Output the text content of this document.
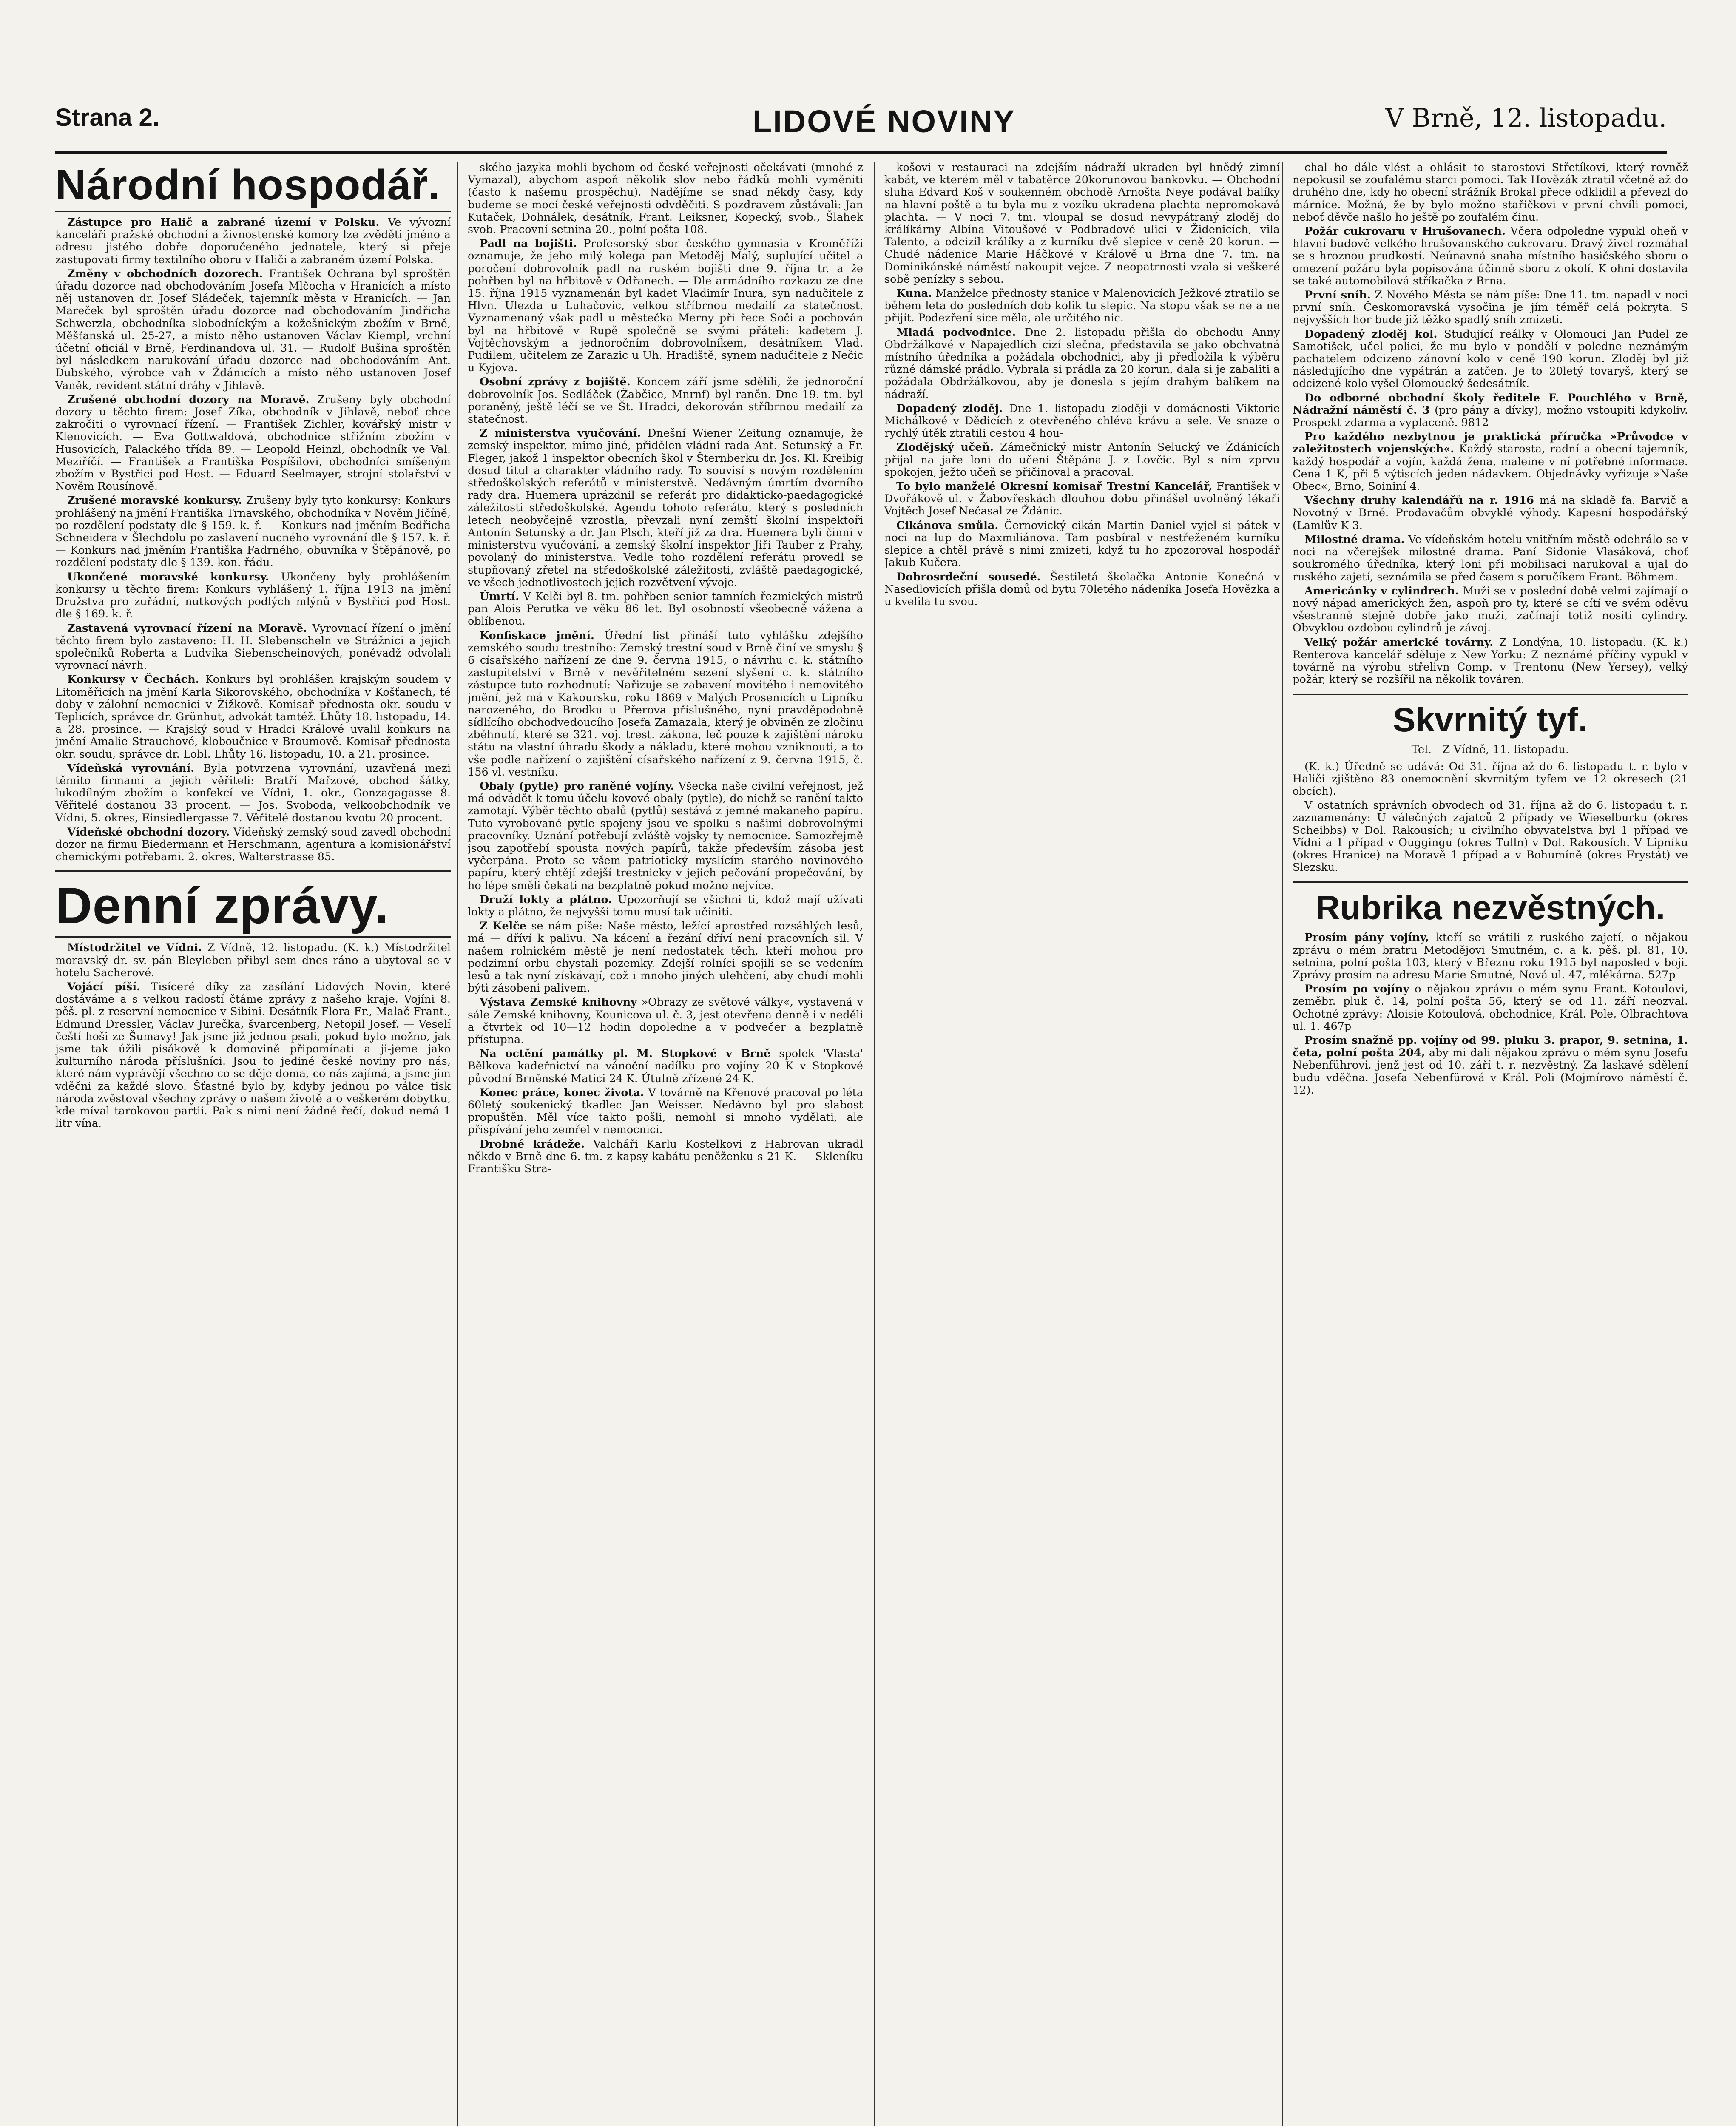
Strana 2.	LIDOVÉ NOVINY	V Brně, 12. listopadu.
Národní hospodář.

Zástupce pro Halič a zabrané území v Polsku. Ve vývozní kanceláři pražské obchodní a živnostenské komory lze zvěděti jméno a adresu jistého dobře doporučeného jednatele, který si přeje zastupovati firmy textilního oboru v Haliči a zabraném území Polska.

Změny v obchodních dozorech. František Ochrana byl sproštěn úřadu dozorce nad obchodováním Josefa Mlčocha v Hranicích a místo něj ustanoven dr. Josef Sládeček, tajemník města v Hranicích. — Jan Mareček byl sproštěn úřadu dozorce nad obchodováním Jindřicha Schwerzla, obchodníka slobodníckým a kožešnickým zbožím v Brně, Měšťanská ul. 25-27, a místo něho ustanoven Václav Kiempl, vrchní účetní oficiál v Brně, Ferdinandova ul. 31. — Rudolf Bušina sproštěn byl následkem narukování úřadu dozorce nad obchodováním Ant. Dubského, výrobce vah v Ždánicích a místo něho ustanoven Josef Vaněk, revident státní dráhy v Jihlavě.

Zrušené obchodní dozory na Moravě. Zrušeny byly obchodní dozory u těchto firem: Josef Zíka, obchodník v Jihlavě, neboť chce zakročiti o vyrovnací řízení. — František Zichler, kovářský mistr v Klenovicích. — Eva Gottwaldová, obchodnice střižním zbožím v Husovicích, Palackého třída 89. — Leopold Heinzl, obchodník ve Val. Meziříčí. — František a Františka Pospíšilovi, obchodníci smíšeným zbožím v Bystřici pod Host. — Eduard Seelmayer, strojní stolařství v Nověm Rousínově.

Zrušené moravské konkursy. Zrušeny byly tyto konkursy: Konkurs prohlášený na jmění Františka Trnavského, obchodníka v Nověm Jičíně, po rozdělení podstaty dle § 159. k. ř. — Konkurs nad jměním Bedřicha Schneidera v Šlechdolu po zaslavení nucného vyrovnání dle § 157. k. ř. — Konkurs nad jměním Františka Fadrného, obuvníka v Štěpánově, po rozdělení podstaty dle § 139. kon. řádu.

Ukončené moravské konkursy. Ukončeny byly prohlášením konkursy u těchto firem: Konkurs vyhlášený 1. října 1913 na jmění Družstva pro zuřádní, nutkových podlých mlýnů v Bystřici pod Host. dle § 169. k. ř.

Zastavená vyrovnací řízení na Moravě. Vyrovnací řízení o jmění těchto firem bylo zastaveno: H. H. Slebenscheln ve Strážnici a jejich společníků Roberta a Ludvíka Siebenscheinových, poněvadž odvolali vyrovnací návrh.

Konkursy v Čechách. Konkurs byl prohlášen krajským soudem v Litoměřicích na jmění Karla Sikorovského, obchodníka v Košťanech, té doby v zálohní nemocnici v Žižkově. Komisař přednosta okr. soudu v Teplicích, správce dr. Grünhut, advokát tamtéž. Lhůty 18. listopadu, 14. a 28. prosince. — Krajský soud v Hradci Králové uvalil konkurs na jmění Amalie Strauchové, kloboučnice v Broumově. Komisař přednosta okr. soudu, správce dr. Lobl. Lhůty 16. listopadu, 10. a 21. prosince.

Vídeňská vyrovnání. Byla potvrzena vyrovnání, uzavřená mezi těmito firmami a jejich věřiteli: Bratří Mařzové, obchod šátky, lukodílným zbožím a konfekcí ve Vídni, 1. okr., Gonzagagasse 8. Věřitelé dostanou 33 procent. — Jos. Svoboda, velkoobchodník ve Vídni, 5. okres, Einsiedlergasse 7. Věřitelé dostanou kvotu 20 procent.

Vídeňské obchodní dozory. Vídeňský zemský soud zavedl obchodní dozor na firmu Biedermann et Herschmann, agentura a komisionářství chemickými potřebami. 2. okres, Walterstrasse 85.

Denní zprávy.

Místodržitel ve Vídni. Z Vídně, 12. listopadu. (K. k.) Místodržitel moravský dr. sv. pán Bleyleben přibyl sem dnes ráno a ubytoval se v hotelu Sacherové.

Vojácí píší. Tisíceré díky za zasílání Lidových Novin, které dostáváme a s velkou radostí čtáme zprávy z našeho kraje. Vojíni 8. pěš. pl. z reservní nemocnice v Sibini. Desátník Flora Fr., Malač Frant., Edmund Dressler, Václav Jurečka, švarcenberg, Netopil Josef. — Veselí čeští hoši ze Šumavy! Jak jsme již jednou psali, pokud bylo možno, jak jsme tak úžili pisákově k domovině připomínati a ji-jeme jako kulturního národa příslušníci. Jsou to jediné české noviny pro nás, které nám vyprávějí všechno co se děje doma, co nás zajímá, a jsme jim vděčni za každé slovo. Šťastné bylo by, kdyby jednou po válce tisk národa zvěstoval všechny zprávy o našem životě a o veškerém dobytku, kde míval tarokovou partii. Pak s nimi není žádné řečí, dokud nemá 1 litr vína.

ského jazyka mohli bychom od české veřejnosti očekávati (mnohé z Vymazal), abychom aspoň několik slov nebo řádků mohli vyměniti (často k našemu prospěchu). Nadějíme se snad někdy časy, kdy budeme se mocí české veřejnosti odvděčiti. S pozdravem zůstávali: Jan Kutaček, Dohnálek, desátník, Frant. Leiksner, Kopecký, svob., Šlahek svob. Pracovní setnina 20., polní pošta 108.

Padl na bojišti. Profesorský sbor českého gymnasia v Kroměříži oznamuje, že jeho milý kolega pan Metoděj Malý, suplující učitel a poročení dobrovolník padl na ruském bojišti dne 9. října tr. a že pohřben byl na hřbitově v Odřanech. — Dle armádního rozkazu ze dne 15. října 1915 vyznamenán byl kadet Vladimír Inura, syn nadučitele z Hlvn. Ulezda u Luhačovic, velkou stříbrnou medailí za statečnost. Vyznamenaný však padl u městečka Merny při řece Soči a pochován byl na hřbitově v Rupě společně se svými přáteli: kadetem J. Vojtěchovským a jednoročním dobrovolníkem, desátníkem Vlad. Pudilem, učitelem ze Zarazic u Uh. Hradiště, synem nadučitele z Nečic u Kyjova.

Osobní zprávy z bojiště. Koncem září jsme sdělili, že jednoroční dobrovolník Jos. Sedláček (Žabčice, Mnrnf) byl raněn. Dne 19. tm. byl poraněný, ještě léčí se ve Št. Hradci, dekorován stříbrnou medailí za statečnost.

Z ministerstva vyučování. Dnešní Wiener Zeitung oznamuje, že zemský inspektor, mimo jiné, přidělen vládní rada Ant. Setunský a Fr. Fleger, jakož 1 inspektor obecních škol v Šternberku dr. Jos. Kl. Kreibig dosud titul a charakter vládního rady. To souvisí s novým rozdělením středoškolských referátů v ministerstvě. Nedávným úmrtím dvorního rady dra. Huemera uprázdnil se referát pro didakticko-paedagogické záležitosti středoškolské. Agendu tohoto referátu, který s posledních letech neobyčejně vzrostla, převzali nyní zemští školní inspektoři Antonín Setunský a dr. Jan Plsch, kteří již za dra. Huemera byli činni v ministerstvu vyučování, a zemský školní inspektor Jiří Tauber z Prahy, povolaný do ministerstva. Vedle toho rozdělení referátu provedl se stupňovaný zřetel na středoškolské záležitosti, zvláště paedagogické, ve všech jednotlivostech jejich rozvětvení vývoje.

Úmrtí. V Kelči byl 8. tm. pohřben senior tamních řezmických mistrů pan Alois Perutka ve věku 86 let. Byl osobností všeobecně vážena a oblíbenou.

Konfiskace jmění. Úřední list přináší tuto vyhlášku zdejšího zemského soudu trestního: Zemský trestní soud v Brně činí ve smyslu § 6 císařského nařízení ze dne 9. června 1915, o návrhu c. k. státního zastupitelství v Brně v nevěřitelném sezení slyšení c. k. státního zástupce tuto rozhodnutí: Nařizuje se zabavení movitého i nemovitého jmění, jež má v Kakoursku, roku 1869 v Malých Prosenicích u Lipníku narozeného, do Brodku u Přerova příslušného, nyní pravděpodobně sídlícího obchodvedoucího Josefa Zamazala, který je obviněn ze zločinu zběhnutí, které se 321. voj. trest. zákona, leč pouze k zajištění nároku státu na vlastní úhradu škody a nákladu, které mohou vzniknouti, a to vše podle nařízení o zajištění císařského nařízení z 9. června 1915, č. 156 vl. vestníku.

Obaly (pytle) pro raněné vojíny. Všecka naše civilní veřejnost, jež má odvádět k tomu účelu kovové obaly (pytle), do nichž se ranění takto zamotají. Výběr těchto obalů (pytlů) sestává z jemné makaneho papíru. Tuto vyrobované pytle spojeny jsou ve spolku s našimi dobrovolnými pracovníky. Uznání potřebují zvláště vojsky ty nemocnice. Samozřejmě jsou zapotřebí spousta nových papírů, takže především zásoba jest vyčerpána. Proto se všem patriotický myslícím starého novinového papíru, který chtějí zdejší trestnicky v jejich pečování propečování, by ho lépe směli čekati na bezplatně pokud možno nejvíce.

Druží lokty a plátno. Upozorňují se všichni ti, kdož mají užívati lokty a plátno, že nejvyšší tomu musí tak učiniti.

Z Kelče se nám píše: Naše město, ležící aprostřed rozsáhlých lesů, má — dříví k palivu. Na kácení a řezání dříví není pracovních sil. V našem rolnickém městě je není nedostatek těch, kteří mohou pro podzimní orbu chystali pozemky. Zdejší rolníci spojili se se vedením lesů a tak nyní získávají, což i mnoho jiných ulehčení, aby chudí mohli býti zásobeni palivem.

Výstava Zemské knihovny »Obrazy ze světové války«, vystavená v sále Zemské knihovny, Kounicova ul. č. 3, jest otevřena denně i v neděli a čtvrtek od 10—12 hodin dopoledne a v podvečer a bezplatně přístupna.

Na octění památky pl. M. Stopkové v Brně spolek 'Vlasta' Bělkova kadeřnictví na vánoční nadílku pro vojíny 20 K v Stopkové původní Brněnské Matici 24 K. Útulně zřízené 24 K.

Konec práce, konec života. V továrně na Křenové pracoval po léta 60letý soukenický tkadlec Jan Weisser. Nedávno byl pro slabost propuštěn. Měl více takto pošli, nemohl si mnoho vydělati, ale přispívání jeho zemřel v nemocnici.

Drobné krádeže. Valcháři Karlu Kostelkovi z Habrovan ukradl někdo v Brně dne 6. tm. z kapsy kabátu peněženku s 21 K. — Skleníku Františku Stra-

košovi v restauraci na zdejším nádraží ukraden byl hnědý zimní kabát, ve kterém měl v tabatěrce 20korunovou bankovku. — Obchodní sluha Edvard Koš v soukenném obchodě Arnošta Neye podával balíky na hlavní poště a tu byla mu z vozíku ukradena plachta nepromokavá plachta. — V noci 7. tm. vloupal se dosud nevypátraný zloděj do králíkárny Albína Vitoušové v Podbradové ulici v Židenicích, vila Talento, a odcizil králíky a z kurníku dvě slepice v ceně 20 korun. — Chudé nádenice Marie Háčkové v Králově u Brna dne 7. tm. na Dominikánské náměstí nakoupit vejce. Z neopatrnosti vzala si veškeré sobě penízky s sebou.

Kuna. Manželce přednosty stanice v Malenovicích Ježkové ztratilo se během leta do posledních dob kolik tu slepic. Na stopu však se ne a ne přijít. Podezření sice měla, ale určitého nic.

Mladá podvodnice. Dne 2. listopadu přišla do obchodu Anny Obdržálkové v Napajedlích cizí slečna, představila se jako obchvatná místního úředníka a požádala obchodnici, aby ji předložila k výběru různé dámské prádlo. Vybrala si prádla za 20 korun, dala si je zabaliti a požádala Obdržálkovou, aby je donesla s jejím drahým balíkem na nádraží.

Dopadený zloděj. Dne 1. listopadu zloději v domácnosti Viktorie Michálkové v Dědicích z otevřeného chléva krávu a sele. Ve snaze o rychlý útěk ztratili cestou 4 hou-

Zlodějský učeň. Zámečnický mistr Antonín Selucký ve Ždánicích přijal na jaře loni do učení Štěpána J. z Lovčic. Byl s ním zprvu spokojen, ježto učeň se přičinoval a pracoval.

To bylo manželé Okresní komisař Trestní Kancelář, František v Dvořákově ul. v Žabovřeskách dlouhou dobu přinášel uvolněný lékaři Vojtěch Josef Nečasal ze Ždánic.

Cikánova smůla. Černovický cikán Martin Daniel vyjel si pátek v noci na lup do Maxmiliánova. Tam posbíral v nestřeženém kurníku slepice a chtěl právě s nimi zmizeti, když tu ho zpozoroval hospodář Jakub Kučera.

Dobrosrdeční sousedé. Šestiletá školačka Antonie Konečná v Nasedlovicích přišla domů od bytu 70letého nádeníka Josefa Hovězka a u kvelila tu svou.

chal ho dále vlést a ohlásit to starostovi Střetíkovi, který rovněž nepokusil se zoufalému starci pomoci. Tak Hovězák ztratil včetně až do druhého dne, kdy ho obecní strážník Brokal přece odklidil a převezl do márnice. Možná, že by bylo možno stařičkovi v první chvíli pomoci, neboť děvče našlo ho ještě po zoufalém činu.

Požár cukrovaru v Hrušovanech. Včera odpoledne vypukl oheň v hlavní budově velkého hrušovanského cukrovaru. Dravý živel rozmáhal se s hroznou prudkostí. Neúnavná snaha místního hasičského sboru o omezení požáru byla popisována účinně sboru z okolí. K ohni dostavila se také automobilová stříkačka z Brna.

První sníh. Z Nového Města se nám píše: Dne 11. tm. napadl v noci první sníh. Českomoravská vysočina je jím téměř celá pokryta. S nejvyšších hor bude již těžko spadlý sníh zmizeti.

Dopadený zloděj kol. Studující reálky v Olomouci Jan Pudel ze Samotišek, učel polici, že mu bylo v pondělí v poledne neznámým pachatelem odcizeno zánovní kolo v ceně 190 korun. Zloděj byl již následujícího dne vypátrán a zatčen. Je to 20letý tovaryš, který se odcizené kolo vyšel Olomoucký šedesátník.

Do odborné obchodní školy ředitele F. Pouchlého v Brně, Nádražní náměstí č. 3 (pro pány a dívky), možno vstoupiti kdykoliv. Prospekt zdarma a vyplaceně. 9812

Pro každého nezbytnou je praktická příručka »Průvodce v zaležitostech vojenských«. Každý starosta, radní a obecní tajemník, každý hospodář a vojín, každá žena, maleine v ní potřebné informace. Cena 1 K, při 5 výtiscích jeden nádavkem. Objednávky vyřizuje »Naše Obec«, Brno, Soininí 4.

Všechny druhy kalendářů na r. 1916 má na skladě fa. Barvič a Novotný v Brně. Prodavačům obvyklé výhody. Kapesní hospodářský (Lamlův K 3.

Milostné drama. Ve vídeňském hotelu vnitřním městě odehrálo se v noci na včerejšek milostné drama. Paní Sidonie Vlasáková, choť soukromého úředníka, který loni při mobilisaci narukoval a ujal do ruského zajetí, seznámila se před časem s poručíkem Frant. Böhmem.

Americánky v cylindrech. Muži se v poslední době velmi zajímají o nový nápad amerických žen, aspoň pro ty, které se cítí ve svém oděvu všestranně stejně dobře jako muži, začínají totiž nositi cylindry. Obvyklou ozdobou cylindrů je závoj.

Velký požár americké továrny. Z Londýna, 10. listopadu. (K. k.) Renterova kancelář sděluje z New Yorku: Z neznámé příčiny vypukl v továrně na výrobu střelivn Comp. v Trentonu (New Yersey), velký požár, který se rozšířil na několik továren.

Skvrnitý tyf.
Tel. - Z Vídně, 11. listopadu.

(K. k.) Úředně se udává: Od 31. října až do 6. listopadu t. r. bylo v Haliči zjištěno 83 onemocnění skvrnitým tyfem ve 12 okresech (21 obcích).

V ostatních správních obvodech od 31. října až do 6. listopadu t. r. zaznamenány: U válečných zajatců 2 případy ve Wieselburku (okres Scheibbs) v Dol. Rakousích; u civilního obyvatelstva byl 1 případ ve Vídni a 1 případ v Ouggingu (okres Tulln) v Dol. Rakousích. V Lipníku (okres Hranice) na Moravě 1 případ a v Bohumíně (okres Frystát) ve Slezsku.

Rubrika nezvěstných.

Prosím pány vojíny, kteří se vrátili z ruského zajetí, o nějakou zprávu o mém bratru Metodějovi Smutném, c. a k. pěš. pl. 81, 10. setnina, polní pošta 103, který v Březnu roku 1915 byl naposled v boji. Zprávy prosím na adresu Marie Smutné, Nová ul. 47, mlékárna. 527p

Prosím po vojíny o nějakou zprávu o mém synu Frant. Kotoulovi, zeměbr. pluk č. 14, polní pošta 56, který se od 11. září neozval. Ochotné zprávy: Aloisie Kotoulová, obchodnice, Král. Pole, Olbrachtova ul. 1. 467p

Prosím snažně pp. vojíny od 99. pluku 3. prapor, 9. setnina, 1. četa, polní pošta 204, aby mi dali nějakou zprávu o mém synu Josefu Nebenführovi, jenž jest od 10. září t. r. nezvěstný. Za laskavé sdělení budu vděčna. Josefa Nebenfürová v Král. Poli (Mojmírovo náměstí č. 12).
